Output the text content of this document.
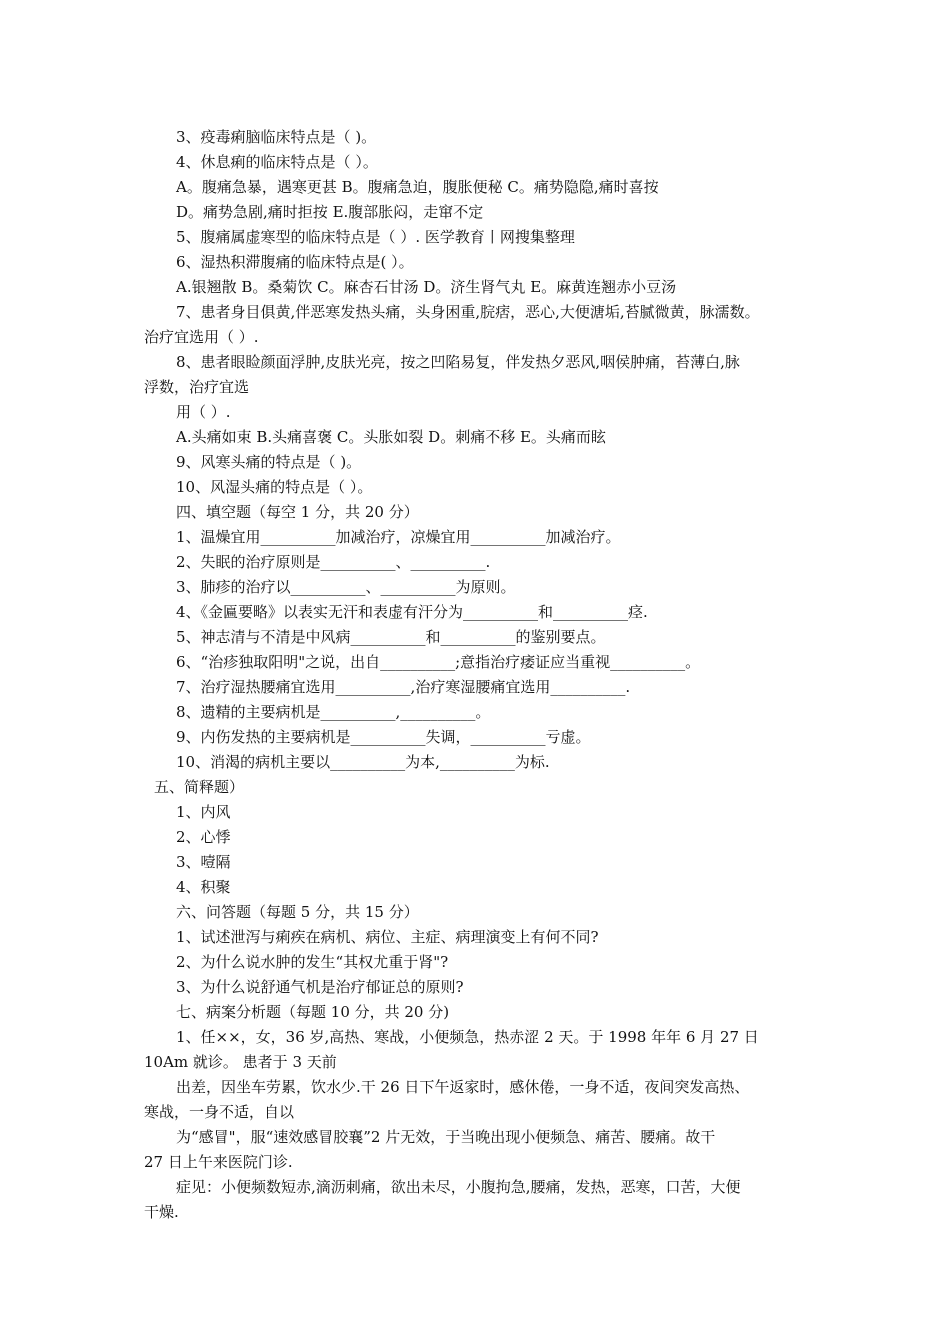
3、疫毒痢脑临床特点是（ )。
4、休息痢的临床特点是（ ）。
A。腹痛急暴，遇寒更甚 B。腹痛急迫，腹胀便秘 C。痛势隐隐,痛时喜按
D。痛势急剧,痛时拒按 E.腹部胀闷，走窜不定
5、腹痛属虚寒型的临床特点是（ ）. 医学教育丨网搜集整理
6、湿热积滞腹痛的临床特点是( ）。
A.银翘散 B。桑菊饮 C。麻杏石甘汤 D。济生肾气丸 E。麻黄连翘赤小豆汤
7、患者身目俱黄,伴恶寒发热头痛，头身困重,脘痞，恶心,大便溏垢,苔腻微黄，脉濡数。
治疗宜选用（ ）.
8、患者眼睑颜面浮肿,皮肤光亮，按之凹陷易复，伴发热夕恶风,咽侯肿痛，苔薄白,脉
浮数，治疗宜选
用（ ）.
A.头痛如束 B.头痛喜褒 C。头胀如裂 D。刺痛不移 E。头痛而眩
9、风寒头痛的特点是（ )。
10、风湿头痛的特点是（ ）。
四、填空题（每空 1 分，共 20 分）
1、温燥宜用__________加减治疗，凉燥宜用__________加减治疗。
2、失眠的治疗原则是__________、__________.
3、肺疹的治疗以__________、__________为原则。
4、《金匾要略》以表实无汗和表虚有汗分为__________和__________痉.
5、神志清与不清是中风病__________和__________的鉴别要点。
6、“治疹独取阳明"之说，出自__________;意指治疗痿证应当重视__________。
7、治疗湿热腰痛宜选用__________,治疗寒湿腰痛宜选用__________.
8、遗精的主要病机是__________,__________。
9、内伤发热的主要病机是__________失调，__________亏虚。
10、消渴的病机主要以__________为本,__________为标.
五、简释题）
1、内风
2、心悸
3、噎隔
4、积聚
六、问答题（每题 5 分，共 15 分）
1、试述泄泻与痢疾在病机、病位、主症、病理演变上有何不同?
2、为什么说水肿的发生“其权尤重于肾"?
3、为什么说舒通气机是治疗郁证总的原则?
七、病案分析题（每题 10 分，共 20 分)
1、任××，女，36 岁,高热、寒战，小便频急，热赤涩 2 天。于 1998 年年 6 月 27 日
10Am 就诊。 患者于 3 天前
出差，因坐车劳累，饮水少.干 26 日下午返家时，感休倦，一身不适，夜间突发高热、
寒战，一身不适，自以
为“感冒"，服“速效感冒胶襄”2 片无效，于当晚出现小便频急、痛苦、腰痛。故干
27 日上午来医院门诊.
症见：小便频数短赤,滴沥刺痛，欲出未尽，小腹拘急,腰痛，发热，恶寒，口苦，大便
干燥.
